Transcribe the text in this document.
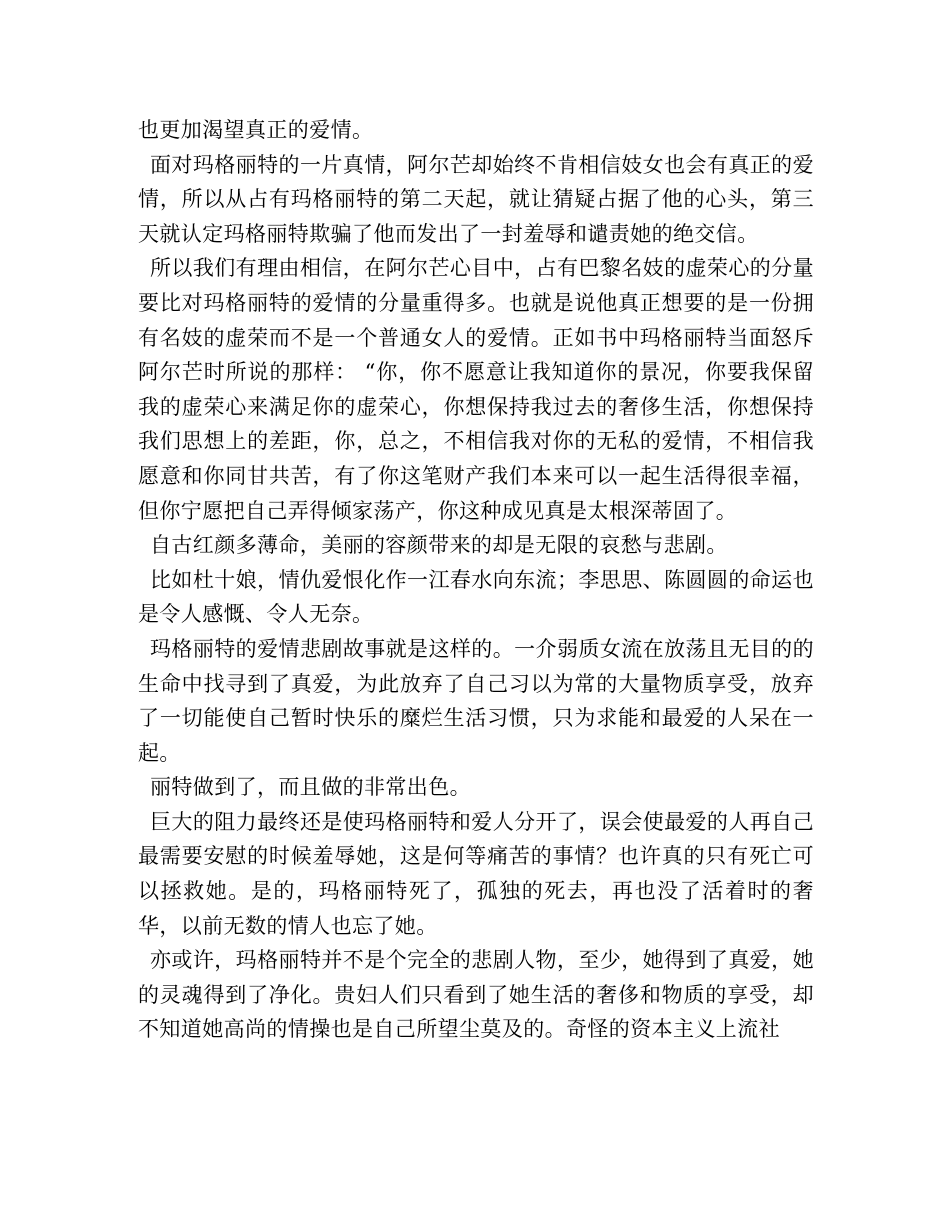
也更加渴望真正的爱情。

面对玛格丽特的一片真情，阿尔芒却始终不肯相信妓女也会有真正的爱情，所以从占有玛格丽特的第二天起，就让猜疑占据了他的心头，第三天就认定玛格丽特欺骗了他而发出了一封羞辱和谴责她的绝交信。

所以我们有理由相信，在阿尔芒心目中，占有巴黎名妓的虚荣心的分量要比对玛格丽特的爱情的分量重得多。也就是说他真正想要的是一份拥有名妓的虚荣而不是一个普通女人的爱情。正如书中玛格丽特当面怒斥阿尔芒时所说的那样： “你，你不愿意让我知道你的景况，你要我保留我的虚荣心来满足你的虚荣心，你想保持我过去的奢侈生活，你想保持我们思想上的差距，你，总之，不相信我对你的无私的爱情，不相信我愿意和你同甘共苦，有了你这笔财产我们本来可以一起生活得很幸福，但你宁愿把自己弄得倾家荡产，你这种成见真是太根深蒂固了。

自古红颜多薄命，美丽的容颜带来的却是无限的哀愁与悲剧。

比如杜十娘，情仇爱恨化作一江春水向东流；李思思、陈圆圆的命运也是令人感慨、令人无奈。

玛格丽特的爱情悲剧故事就是这样的。一介弱质女流在放荡且无目的的生命中找寻到了真爱，为此放弃了自己习以为常的大量物质享受，放弃了一切能使自己暂时快乐的糜烂生活习惯，只为求能和最爱的人呆在一起。

丽特做到了，而且做的非常出色。

巨大的阻力最终还是使玛格丽特和爱人分开了，误会使最爱的人再自己最需要安慰的时候羞辱她，这是何等痛苦的事情？也许真的只有死亡可以拯救她。是的，玛格丽特死了，孤独的死去，再也没了活着时的奢华，以前无数的情人也忘了她。

亦或许，玛格丽特并不是个完全的悲剧人物，至少，她得到了真爱，她的灵魂得到了净化。贵妇人们只看到了她生活的奢侈和物质的享受，却不知道她高尚的情操也是自己所望尘莫及的。奇怪的资本主义上流社
